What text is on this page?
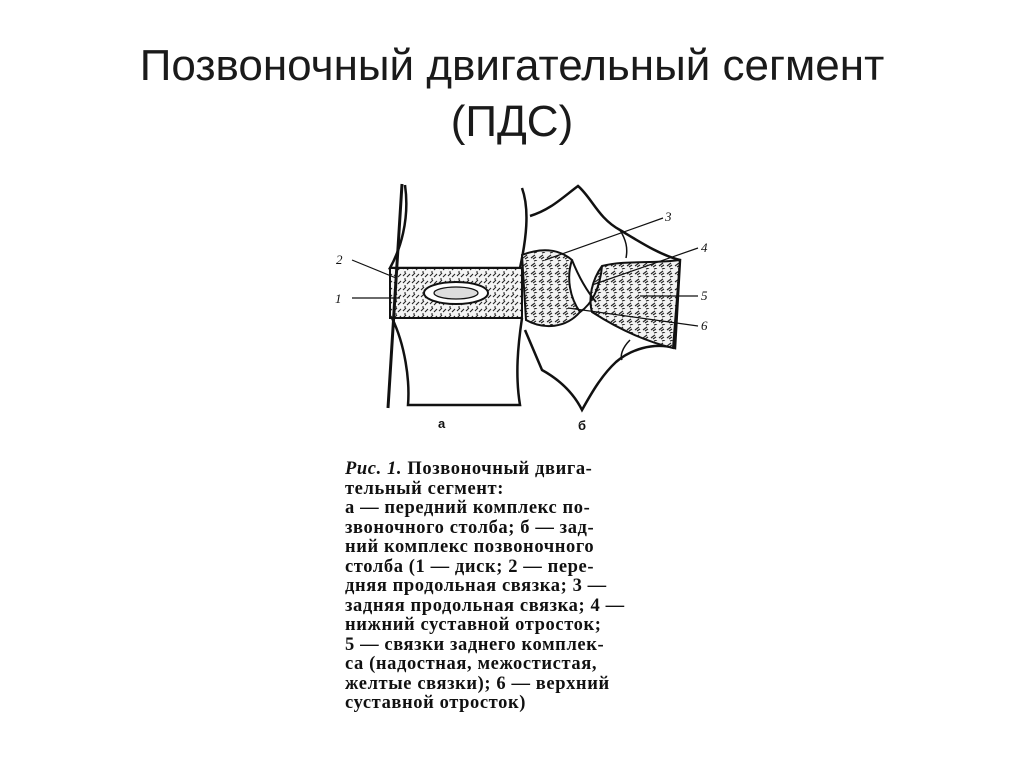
Позвоночный двигательный сегмент
(ПДС)
1
2
3
4
5
6
а	б
Рис. 1. Позвоночный двига-
тельный сегмент:
а — передний комплекс по-
звоночного столба; б — зад-
ний комплекс позвоночного
столба (1 — диск; 2 — пере-
дняя продольная связка; 3 —
задняя продольная связка; 4 —
нижний суставной отросток;
5 — связки заднего комплек-
са (надостная, межостистая,
желтые связки); 6 — верхний
суставной отросток)
